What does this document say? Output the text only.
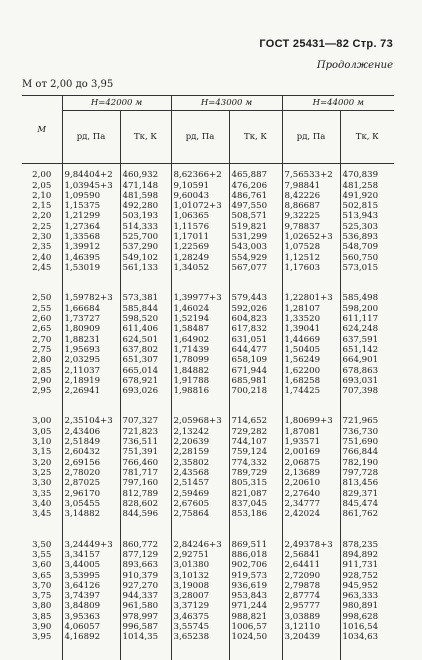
ГОСТ 25431—82 Стр. 73
Продолжение
M от 2,00 до 3,95
M	H=42000 м		H=43000 м		H=44000 м	
	pд, Па	Tк, К	pд, Па	Tк, К	pд, Па	Tк, К
2,00	9,84404+2	460,932	8,62366+2	465,887	7,56533+2	470,839
2,05	1,03945+3	471,148	9,10591	476,206	7,98841	481,258
2,10	1,09590	481,598	9,60043	486,761	8,42226	491,920
2,15	1,15375	492,280	1,01072+3	497,550	8,86687	502,815
2,20	1,21299	503,193	1,06365	508,571	9,32225	513,943
2,25	1,27364	514,333	1,11576	519,821	9,78837	525,303
2,30	1,33568	525,700	1,17011	531,299	1,02652+3	536,893
2,35	1,39912	537,290	1,22569	543,003	1,07528	548,709
2,40	1,46395	549,102	1,28249	554,929	1,12512	560,750
2,45	1,53019	561,133	1,34052	567,077	1,17603	573,015
2,50	1,59782+3	573,381	1,39977+3	579,443	1,22801+3	585,498
2,55	1,66684	585,844	1,46024	592,026	1,28107	598,200
2,60	1,73727	598,520	1,52194	604,823	1,33520	611,117
2,65	1,80909	611,406	1,58487	617,832	1,39041	624,248
2,70	1,88231	624,501	1,64902	631,051	1,44669	637,591
2,75	1,95693	637,802	1,71439	644,477	1,50405	651,142
2,80	2,03295	651,307	1,78099	658,109	1,56249	664,901
2,85	2,11037	665,014	1,84882	671,944	1,62200	678,863
2,90	2,18919	678,921	1,91788	685,981	1,68258	693,031
2,95	2,26941	693,026	1,98816	700,218	1,74425	707,398
3,00	2,35104+3	707,327	2,05968+3	714,652	1,80699+3	721,965
3,05	2,43406	721,823	2,13242	729,282	1,87081	736,730
3,10	2,51849	736,511	2,20639	744,107	1,93571	751,690
3,15	2,60432	751,391	2,28159	759,124	2,00169	766,844
3,20	2,69156	766,460	2,35802	774,332	2,06875	782,190
3,25	2,78020	781,717	2,43568	789,729	2,13689	797,728
3,30	2,87025	797,160	2,51457	805,315	2,20610	813,456
3,35	2,96170	812,789	2,59469	821,087	2,27640	829,371
3,40	3,05455	828,602	2,67605	837,045	2,34777	845,474
3,45	3,14882	844,596	2,75864	853,186	2,42024	861,762
3,50	3,24449+3	860,772	2,84246+3	869,511	2,49378+3	878,235
3,55	3,34157	877,129	2,92751	886,018	2,56841	894,892
3,60	3,44005	893,663	3,01380	902,706	2,64411	911,731
3,65	3,53995	910,379	3,10132	919,573	2,72090	928,752
3,70	3,64126	927,270	3,19008	936,619	2,79878	945,952
3,75	3,74397	944,337	3,28007	953,843	2,87774	963,333
3,80	3,84809	961,580	3,37129	971,244	2,95777	980,891
3,85	3,95363	978,997	3,46375	988,821	3,03889	998,628
3,90	4,06057	996,587	3,55745	1006,57	3,12110	1016,54
3,95	4,16892	1014,35	3,65238	1024,50	3,20439	1034,63
